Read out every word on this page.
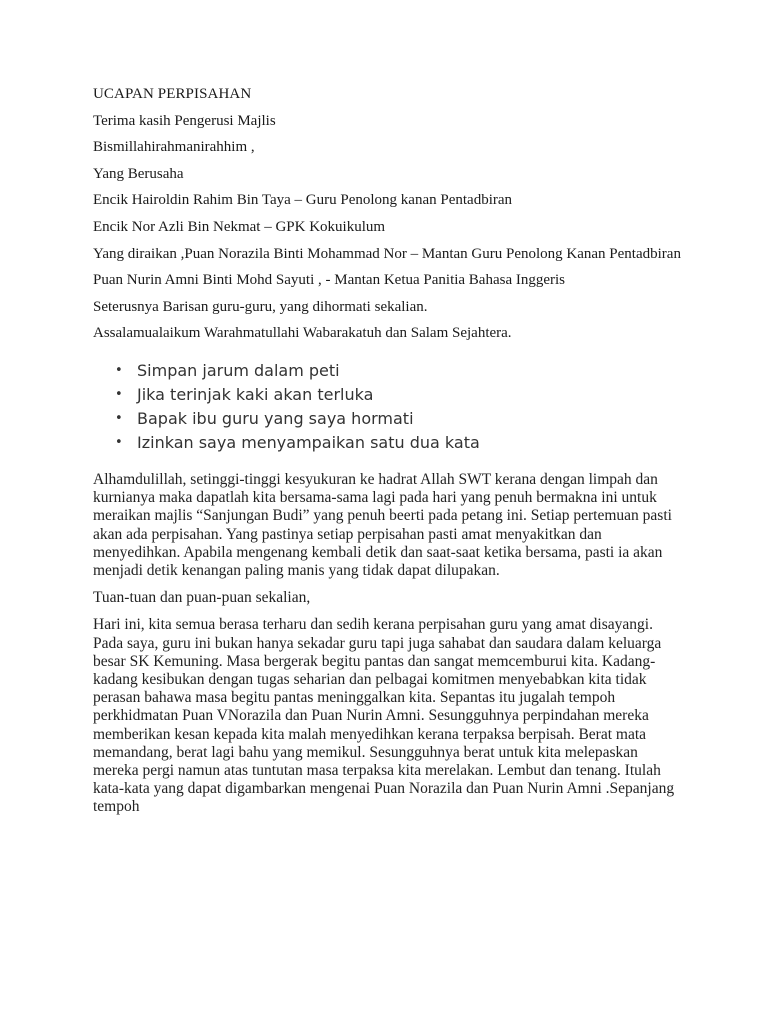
UCAPAN PERPISAHAN

Terima kasih Pengerusi Majlis

Bismillahirahmanirahhim ,

Yang Berusaha

Encik Hairoldin Rahim Bin Taya – Guru Penolong kanan Pentadbiran

Encik Nor Azli Bin Nekmat – GPK Kokuikulum

Yang diraikan ,Puan Norazila Binti Mohammad Nor – Mantan Guru Penolong Kanan Pentadbiran

Puan Nurin Amni Binti Mohd Sayuti , - Mantan Ketua Panitia Bahasa Inggeris

Seterusnya Barisan guru-guru, yang dihormati sekalian.

Assalamualaikum Warahmatullahi Wabarakatuh dan Salam Sejahtera.

• Simpan jarum dalam peti
• Jika terinjak kaki akan terluka
• Bapak ibu guru yang saya hormati
• Izinkan saya menyampaikan satu dua kata

Alhamdulillah, setinggi-tinggi kesyukuran ke hadrat Allah SWT kerana dengan limpah dan kurnianya maka dapatlah kita bersama-sama lagi pada hari yang penuh bermakna ini untuk meraikan majlis “Sanjungan Budi” yang penuh beerti pada petang ini. Setiap pertemuan pasti akan ada perpisahan. Yang pastinya setiap perpisahan pasti amat menyakitkan dan menyedihkan. Apabila mengenang kembali detik dan saat-saat ketika bersama, pasti ia akan menjadi detik kenangan paling manis yang tidak dapat dilupakan.

Tuan-tuan dan puan-puan sekalian,

Hari ini, kita semua berasa terharu dan sedih kerana perpisahan guru yang amat disayangi. Pada saya, guru ini bukan hanya sekadar guru tapi juga sahabat dan saudara dalam keluarga besar SK Kemuning. Masa bergerak begitu pantas dan sangat memcemburui kita. Kadang-kadang kesibukan dengan tugas seharian dan pelbagai komitmen menyebabkan kita tidak perasan bahawa masa begitu pantas meninggalkan kita. Sepantas itu jugalah tempoh perkhidmatan Puan VNorazila dan Puan Nurin Amni. Sesungguhnya perpindahan mereka memberikan kesan kepada kita malah menyedihkan kerana terpaksa berpisah. Berat mata memandang, berat lagi bahu yang memikul. Sesungguhnya berat untuk kita melepaskan mereka pergi namun atas tuntutan masa terpaksa kita merelakan. Lembut dan tenang. Itulah kata-kata yang dapat digambarkan mengenai Puan Norazila dan Puan Nurin Amni .Sepanjang tempoh
